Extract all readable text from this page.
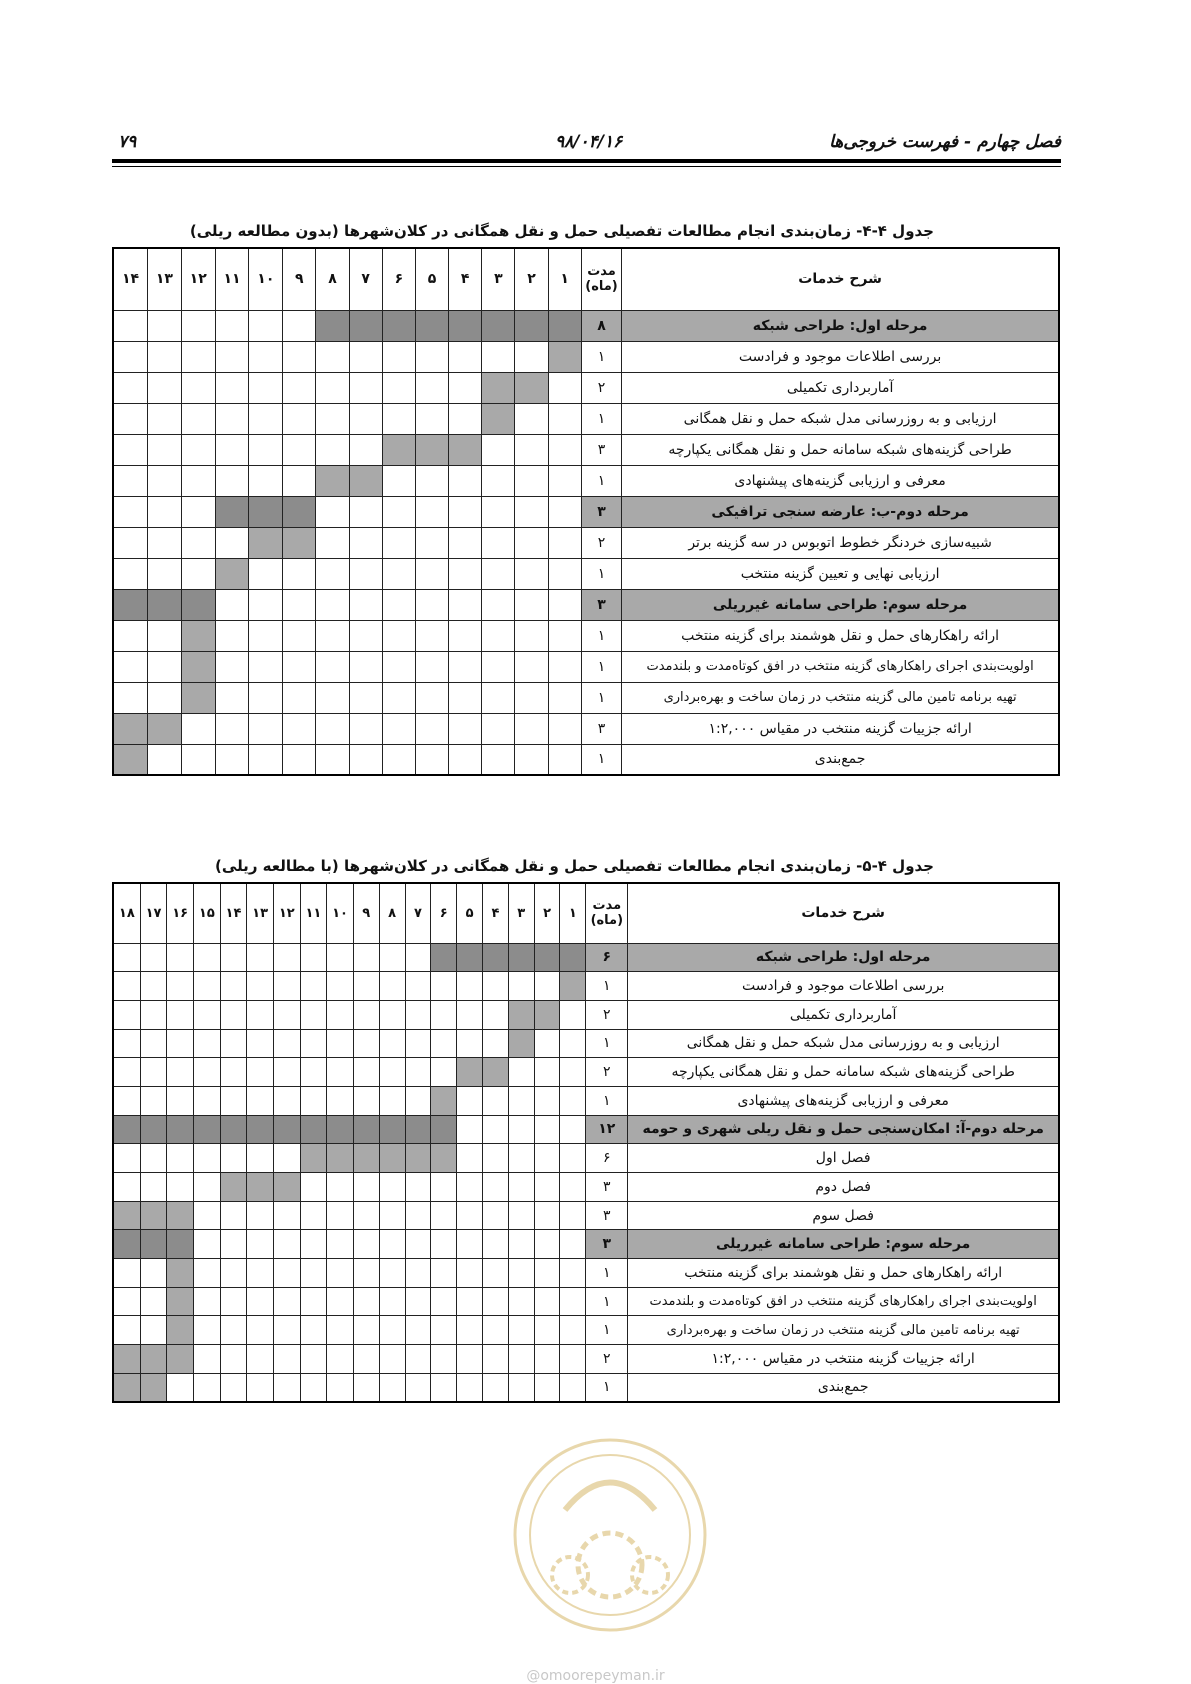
فصل چهارم - فهرست خروجی‌ها
۹۸/۰۴/۱۶
۷۹
جدول ۴-۴- زمان‌بندی انجام مطالعات تفصیلی حمل و نقل همگانی در کلان‌شهرها (بدون مطالعه ریلی)
شرح خدمات	مدت (ماه)	۱	۲	۳	۴	۵	۶	۷	۸	۹	۱۰	۱۱	۱۲	۱۳	۱۴
مرحله اول: طراحی شبکه	۸														
بررسی اطلاعات موجود و فرادست	۱														
آماربرداری تکمیلی	۲														
ارزیابی و به روزرسانی مدل شبکه حمل و نقل همگانی	۱														
طراحی گزینه‌های شبکه سامانه حمل و نقل همگانی یکپارچه	۳														
معرفی و ارزیابی گزینه‌های پیشنهادی	۱														
مرحله دوم-ب: عارضه سنجی ترافیکی	۳														
شبیه‌سازی خردنگر خطوط اتوبوس در سه گزینه برتر	۲														
ارزیابی نهایی و تعیین گزینه منتخب	۱														
مرحله سوم: طراحی سامانه غیرریلی	۳														
ارائه راهکارهای حمل و نقل هوشمند برای گزینه منتخب	۱														
اولویت‌بندی اجرای راهکارهای گزینه منتخب در افق کوتاه‌مدت و بلندمدت	۱														
تهیه برنامه تامین مالی گزینه منتخب در زمان ساخت و بهره‌برداری	۱														
ارائه جزییات گزینه منتخب در مقیاس ۱:۲,۰۰۰	۳														
جمع‌بندی	۱														
جدول ۴-۵- زمان‌بندی انجام مطالعات تفصیلی حمل و نقل همگانی در کلان‌شهرها (با مطالعه ریلی)
شرح خدمات	مدت (ماه)	۱	۲	۳	۴	۵	۶	۷	۸	۹	۱۰	۱۱	۱۲	۱۳	۱۴	۱۵	۱۶	۱۷	۱۸
مرحله اول: طراحی شبکه	۶																		
بررسی اطلاعات موجود و فرادست	۱																		
آماربرداری تکمیلی	۲																		
ارزیابی و به روزرسانی مدل شبکه حمل و نقل همگانی	۱																		
طراحی گزینه‌های شبکه سامانه حمل و نقل همگانی یکپارچه	۲																		
معرفی و ارزیابی گزینه‌های پیشنهادی	۱																		
مرحله دوم-آ: امکان‌سنجی حمل و نقل ریلی شهری و حومه	۱۲																		
فصل اول	۶																		
فصل دوم	۳																		
فصل سوم	۳																		
مرحله سوم: طراحی سامانه غیرریلی	۳																		
ارائه راهکارهای حمل و نقل هوشمند برای گزینه منتخب	۱																		
اولویت‌بندی اجرای راهکارهای گزینه منتخب در افق کوتاه‌مدت و بلندمدت	۱																		
تهیه برنامه تامین مالی گزینه منتخب در زمان ساخت و بهره‌برداری	۱																		
ارائه جزییات گزینه منتخب در مقیاس ۱:۲,۰۰۰	۲																		
جمع‌بندی	۱																		
@omoorepeyman.ir
